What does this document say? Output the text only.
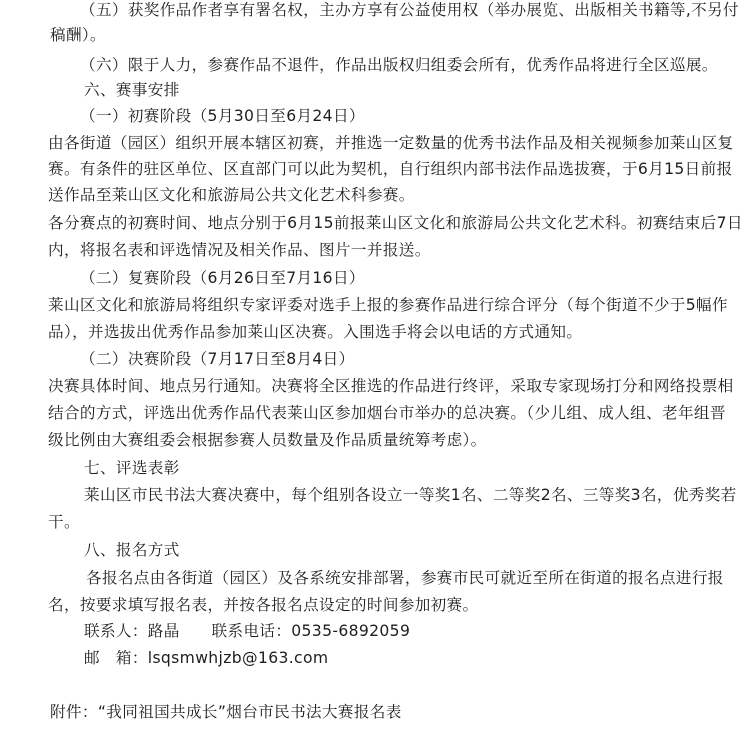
（五）获奖作品作者享有署名权，主办方享有公益使用权（举办展览、出版相关书籍等,不另付
稿酬）。
（六）限于人力，参赛作品不退件，作品出版权归组委会所有，优秀作品将进行全区巡展。
六、赛事安排
（一）初赛阶段（5月30日至6月24日）
由各街道（园区）组织开展本辖区初赛，并推选一定数量的优秀书法作品及相关视频参加莱山区复
赛。有条件的驻区单位、区直部门可以此为契机，自行组织内部书法作品选拔赛，于6月15日前报
送作品至莱山区文化和旅游局公共文化艺术科参赛。
各分赛点的初赛时间、地点分别于6月15前报莱山区文化和旅游局公共文化艺术科。初赛结束后7日
内，将报名表和评选情况及相关作品、图片一并报送。
（二）复赛阶段（6月26日至7月16日）
莱山区文化和旅游局将组织专家评委对选手上报的参赛作品进行综合评分（每个街道不少于5幅作
品），并选拔出优秀作品参加莱山区决赛。入围选手将会以电话的方式通知。
（二）决赛阶段（7月17日至8月4日）
决赛具体时间、地点另行通知。决赛将全区推选的作品进行终评，采取专家现场打分和网络投票相
结合的方式，评选出优秀作品代表莱山区参加烟台市举办的总决赛。（少儿组、成人组、老年组晋
级比例由大赛组委会根据参赛人员数量及作品质量统筹考虑）。
七、评选表彰
莱山区市民书法大赛决赛中，每个组别各设立一等奖1名、二等奖2名、三等奖3名，优秀奖若
干。
八、报名方式
各报名点由各街道（园区）及各系统安排部署，参赛市民可就近至所在街道的报名点进行报
名，按要求填写报名表，并按各报名点设定的时间参加初赛。
联系人：路晶　　联系电话：0535-6892059
邮　箱：lsqsmwhjzb@163.com
附件：“我同祖国共成长”烟台市民书法大赛报名表
